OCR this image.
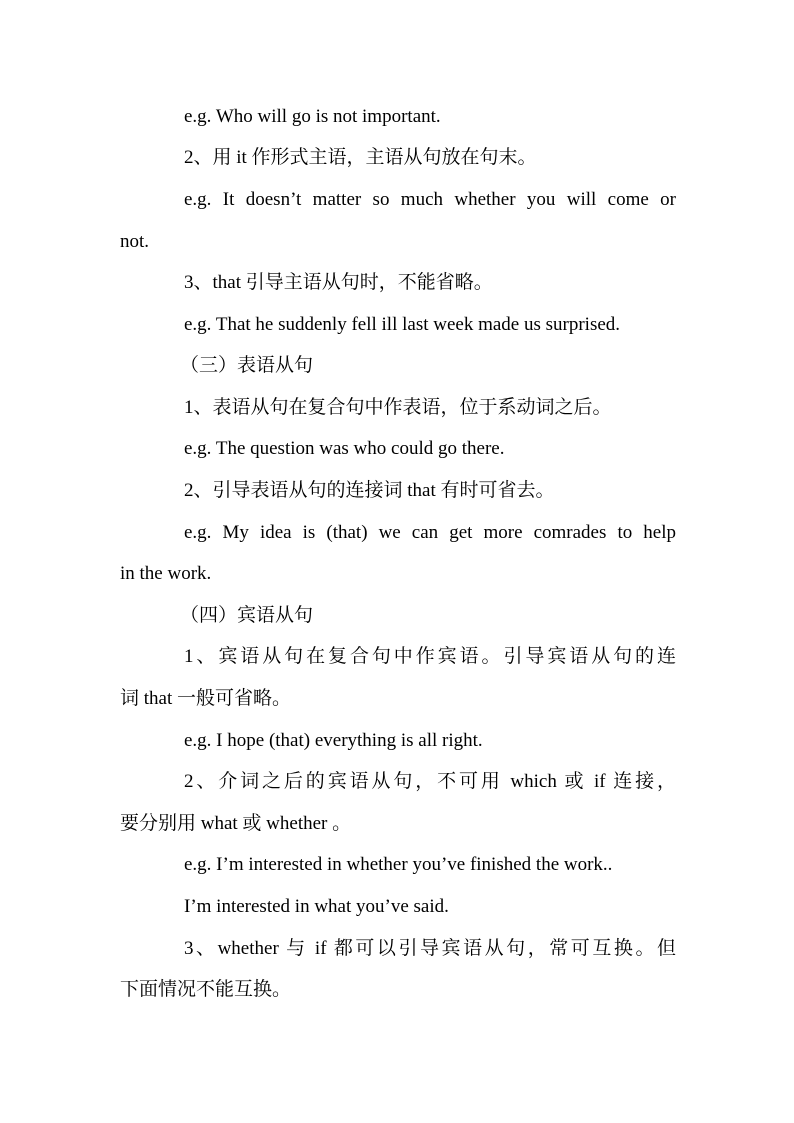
e.g. Who will go is not important.
2、用 it 作形式主语，主语从句放在句末。
e.g. It doesn’t matter so much whether you will come or
not.
3、that 引导主语从句时，不能省略。
e.g. That he suddenly fell ill last week made us surprised.
（三）表语从句
1、表语从句在复合句中作表语，位于系动词之后。
e.g. The question was who could go there.
2、引导表语从句的连接词 that 有时可省去。
e.g. My idea is (that) we can get more comrades to help
in the work.
（四）宾语从句
1、宾语从句在复合句中作宾语。引导宾语从句的连
词 that 一般可省略。
e.g. I hope (that) everything is all right.
2、介词之后的宾语从句，不可用 which 或 if 连接，
要分别用 what 或 whether 。
e.g. I’m interested in whether you’ve finished the work..
I’m interested in what you’ve said.
3、whether 与 if 都可以引导宾语从句，常可互换。但
下面情况不能互换。
